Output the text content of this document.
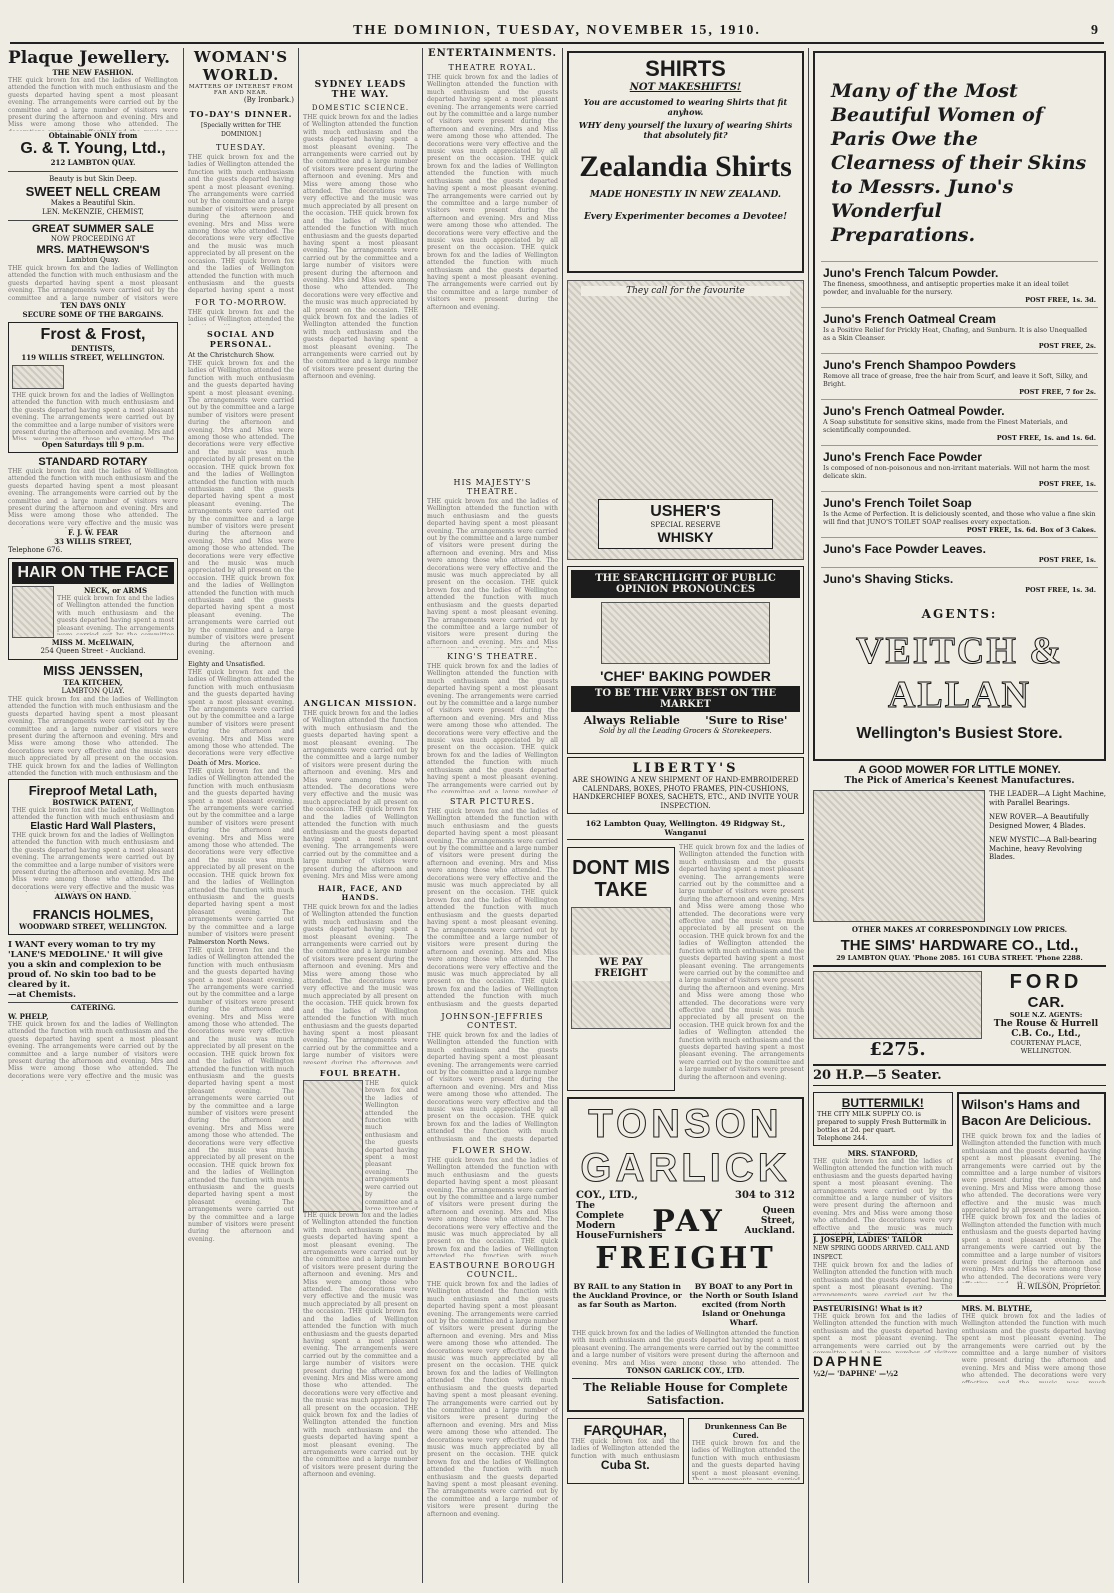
THE DOMINION, TUESDAY, NOVEMBER 15, 1910.	9
Plaque Jewellery.
THE NEW FASHION.
THE quick brown fox and the ladies of Wellington attended the function with much enthusiasm and the guests departed having spent a most pleasant evening. The arrangements were carried out by the committee and a large number of visitors were present during the afternoon and evening. Mrs and Miss were among those who attended. The decorations were very effective and the music was much appreciated by all present on the occasion. THE quick brown fox and the ladies of Wellington attended the function with much enthusiasm and the guests departed having spent a most pleasant evening. The arrangements were carried out by the committee and a large number of visitors were present during the afternoon and evening. Mrs and Miss were among those who attended. The decorations were very effective and the music was much appreciated by all present on the occasion. THE quick brown fox and the ladies of Wellington attended the function with much enthusiasm and the guests departed having spent a most pleasant evening. The arrangements were carried out by the committee and a large number of visitors were present during the afternoon and evening.
Obtainable ONLY from
G. & T. Young, Ltd.,
212 LAMBTON QUAY.
Beauty is but Skin Deep.
SWEET NELL CREAM
Makes a Beautiful Skin.
LEN. McKENZIE, CHEMIST,
GREAT SUMMER SALE
NOW PROCEEDING AT
MRS. MATHEWSON'S
Lambton Quay.
THE quick brown fox and the ladies of Wellington attended the function with much enthusiasm and the guests departed having spent a most pleasant evening. The arrangements were carried out by the committee and a large number of visitors were present during the afternoon and evening. Mrs and Miss were among those who attended. The decorations were very effective and the music was much appreciated by all present on the occasion. THE quick brown fox and the ladies of Wellington attended the function with much enthusiasm and the guests departed having spent a most pleasant evening. The arrangements were carried out by the committee and a large number of visitors were present during the afternoon and evening. Mrs and Miss were among those who attended. The decorations were very effective and the music was much appreciated by all present on the occasion. THE quick brown fox and the ladies of Wellington attended the function with much enthusiasm and the guests departed having spent a most pleasant evening. The arrangements were carried out by the committee and a large number of visitors were present during the afternoon and evening.
TEN DAYS ONLY
SECURE SOME OF THE BARGAINS.
Frost & Frost,
DENTISTS,
119 WILLIS STREET, WELLINGTON.
THE quick brown fox and the ladies of Wellington attended the function with much enthusiasm and the guests departed having spent a most pleasant evening. The arrangements were carried out by the committee and a large number of visitors were present during the afternoon and evening. Mrs and Miss were among those who attended. The decorations were very effective and the music was much appreciated by all present on the occasion. THE quick brown fox and the ladies of Wellington attended the function with much enthusiasm and the guests departed having spent a most pleasant evening. The arrangements were carried out by the committee and a large number of visitors were present during the afternoon and evening. Mrs and Miss were among those who attended. The decorations were very effective and the music was much appreciated by all present on the occasion. THE quick brown fox and the ladies of Wellington attended the function with much enthusiasm and the guests departed having spent a most pleasant evening. The arrangements were carried out by the committee and a large number of visitors were present during the afternoon and evening.
Open Saturdays till 9 p.m.
STANDARD ROTARY
THE quick brown fox and the ladies of Wellington attended the function with much enthusiasm and the guests departed having spent a most pleasant evening. The arrangements were carried out by the committee and a large number of visitors were present during the afternoon and evening. Mrs and Miss were among those who attended. The decorations were very effective and the music was much appreciated by all present on the occasion. THE quick brown fox and the ladies of Wellington attended the function with much enthusiasm and the guests departed having spent a most pleasant evening. The arrangements were carried out by the committee and a large number of visitors were present during the afternoon and evening. Mrs and Miss were among those who attended. The decorations were very effective and the music was much appreciated by all present on the occasion. THE quick brown fox and the ladies of Wellington attended the function with much enthusiasm and the guests departed having spent a most pleasant evening. The arrangements were carried out by the committee and a large number of visitors were present during the afternoon and evening.
F. J. W. FEAR
33 WILLIS STREET,
Telephone 676.
HAIR ON THE FACE
NECK, or ARMS
THE quick brown fox and the ladies of Wellington attended the function with much enthusiasm and the guests departed having spent a most pleasant evening. The arrangements were carried out by the committee and a large number of visitors were present during the afternoon and evening. Mrs and Miss were among those who attended. The decorations were very effective and the music was much appreciated by all present on the occasion. THE quick brown fox and the ladies of Wellington attended the function with much enthusiasm and the guests departed having spent a most pleasant evening. The arrangements were carried out by the committee and a large number of visitors were present during the afternoon and evening. Mrs and Miss were among those who attended. The decorations were very effective and the music was much appreciated by all present on the occasion. THE quick brown fox and the ladies of Wellington attended the function with much enthusiasm and the guests departed having spent a most pleasant evening. The arrangements were carried out by the committee and a large number of visitors were present during the afternoon and evening.
MISS M. McELWAIN,
254 Queen Street - Auckland.
MISS JENSSEN,
TEA KITCHEN,
LAMBTON QUAY.
THE quick brown fox and the ladies of Wellington attended the function with much enthusiasm and the guests departed having spent a most pleasant evening. The arrangements were carried out by the committee and a large number of visitors were present during the afternoon and evening. Mrs and Miss were among those who attended. The decorations were very effective and the music was much appreciated by all present on the occasion. THE quick brown fox and the ladies of Wellington attended the function with much enthusiasm and the guests departed having spent a most pleasant evening. The arrangements were carried out by the committee and a large number of visitors were present during the afternoon and evening. Mrs and Miss were among those who attended. The decorations were very effective and the music was much appreciated by all present on the occasion. THE quick brown fox and the ladies of Wellington attended the function with much enthusiasm and the guests departed having spent a most pleasant evening. The arrangements were carried out by the committee and a large number of visitors were present during the afternoon and evening.
Fireproof Metal Lath,
BOSTWICK PATENT,
THE quick brown fox and the ladies of Wellington attended the function with much enthusiasm and the guests departed having spent a most pleasant evening. The arrangements were carried out by the committee and a large number of visitors were present during the afternoon and evening. Mrs and Miss were among those who attended. The decorations were very effective and the music was much appreciated by all present on the occasion. THE quick brown fox and the ladies of Wellington attended the function with much enthusiasm and the guests departed having spent a most pleasant evening. The arrangements were carried out by the committee and a large number of visitors were present during the afternoon and evening. Mrs and Miss were among those who attended. The decorations were very effective and the music was much appreciated by all present on the occasion. THE quick brown fox and the ladies of Wellington attended the function with much enthusiasm and the guests departed having spent a most pleasant evening. The arrangements were carried out by the committee and a large number of visitors were present during the afternoon and evening.
Elastic Hard Wall Plasters,
THE quick brown fox and the ladies of Wellington attended the function with much enthusiasm and the guests departed having spent a most pleasant evening. The arrangements were carried out by the committee and a large number of visitors were present during the afternoon and evening. Mrs and Miss were among those who attended. The decorations were very effective and the music was much appreciated by all present on the occasion. THE quick brown fox and the ladies of Wellington attended the function with much enthusiasm and the guests departed having spent a most pleasant evening. The arrangements were carried out by the committee and a large number of visitors were present during the afternoon and evening. Mrs and Miss were among those who attended. The decorations were very effective and the music was much appreciated by all present on the occasion. THE quick brown fox and the ladies of Wellington attended the function with much enthusiasm and the guests departed having spent a most pleasant evening. The arrangements were carried out by the committee and a large number of visitors were present during the afternoon and evening.
ALWAYS ON HAND.
FRANCIS HOLMES,
WOODWARD STREET, WELLINGTON.
I WANT every woman to try my 'LANE'S MEDOLINE.' It will give you a skin and complexion to be proud of. No skin too bad to be cleared by it.
—at Chemists.
CATERING.
W. PHELP,
THE quick brown fox and the ladies of Wellington attended the function with much enthusiasm and the guests departed having spent a most pleasant evening. The arrangements were carried out by the committee and a large number of visitors were present during the afternoon and evening. Mrs and Miss were among those who attended. The decorations were very effective and the music was much appreciated by all present on the occasion. THE quick brown fox and the ladies of Wellington attended the function with much enthusiasm and the guests departed having spent a most pleasant evening. The arrangements were carried out by the committee and a large number of visitors were present during the afternoon and evening. Mrs and Miss were among those who attended. The decorations were very effective and the music was much appreciated by all present on the occasion. THE quick brown fox and the ladies of Wellington attended the function with much enthusiasm and the guests departed having spent a most pleasant evening. The arrangements were carried out by the committee and a large number of visitors were present during the afternoon and evening.
WOMAN'S WORLD.
MATTERS OF INTEREST FROM FAR AND NEAR.
(By Ironbark.)
TO-DAY'S DINNER.
[Specially written for THE DOMINION.]
TUESDAY.
THE quick brown fox and the ladies of Wellington attended the function with much enthusiasm and the guests departed having spent a most pleasant evening. The arrangements were carried out by the committee and a large number of visitors were present during the afternoon and evening. Mrs and Miss were among those who attended. The decorations were very effective and the music was much appreciated by all present on the occasion. THE quick brown fox and the ladies of Wellington attended the function with much enthusiasm and the guests departed having spent a most pleasant evening. The arrangements were carried out by the committee and a large number of visitors were present during the afternoon and evening. Mrs and Miss were among those who attended. The decorations were very effective and the music was much appreciated by all present on the occasion. THE quick brown fox and the ladies of Wellington attended the function with much enthusiasm and the guests departed having spent a most pleasant evening. The arrangements were carried out by the committee and a large number of visitors were present during the afternoon and evening.
FOR TO-MORROW.
THE quick brown fox and the ladies of Wellington attended the function with much enthusiasm and the guests departed having spent a most pleasant evening. The arrangements were carried out by the committee and a large number of visitors were present during the afternoon and evening. Mrs and Miss were among those who attended. The decorations were very effective and the music was much appreciated by all present on the occasion. THE quick brown fox and the ladies of Wellington attended the function with much enthusiasm and the guests departed having spent a most pleasant evening. The arrangements were carried out by the committee and a large number of visitors were present during the afternoon and evening. Mrs and Miss were among those who attended. The decorations were very effective and the music was much appreciated by all present on the occasion. THE quick brown fox and the ladies of Wellington attended the function with much enthusiasm and the guests departed having spent a most pleasant evening. The arrangements were carried out by the committee and a large number of visitors were present during the afternoon and evening.
SOCIAL AND PERSONAL.
At the Christchurch Show.
THE quick brown fox and the ladies of Wellington attended the function with much enthusiasm and the guests departed having spent a most pleasant evening. The arrangements were carried out by the committee and a large number of visitors were present during the afternoon and evening. Mrs and Miss were among those who attended. The decorations were very effective and the music was much appreciated by all present on the occasion. THE quick brown fox and the ladies of Wellington attended the function with much enthusiasm and the guests departed having spent a most pleasant evening. The arrangements were carried out by the committee and a large number of visitors were present during the afternoon and evening. Mrs and Miss were among those who attended. The decorations were very effective and the music was much appreciated by all present on the occasion. THE quick brown fox and the ladies of Wellington attended the function with much enthusiasm and the guests departed having spent a most pleasant evening. The arrangements were carried out by the committee and a large number of visitors were present during the afternoon and evening.
Eighty and Unsatisfied.
THE quick brown fox and the ladies of Wellington attended the function with much enthusiasm and the guests departed having spent a most pleasant evening. The arrangements were carried out by the committee and a large number of visitors were present during the afternoon and evening. Mrs and Miss were among those who attended. The decorations were very effective and the music was much appreciated by all present on the occasion. THE quick brown fox and the ladies of Wellington attended the function with much enthusiasm and the guests departed having spent a most pleasant evening. The arrangements were carried out by the committee and a large number of visitors were present during the afternoon and evening. Mrs and Miss were among those who attended. The decorations were very effective and the music was much appreciated by all present on the occasion. THE quick brown fox and the ladies of Wellington attended the function with much enthusiasm and the guests departed having spent a most pleasant evening. The arrangements were carried out by the committee and a large number of visitors were present during the afternoon and evening.
Death of Mrs. Morice.
THE quick brown fox and the ladies of Wellington attended the function with much enthusiasm and the guests departed having spent a most pleasant evening. The arrangements were carried out by the committee and a large number of visitors were present during the afternoon and evening. Mrs and Miss were among those who attended. The decorations were very effective and the music was much appreciated by all present on the occasion. THE quick brown fox and the ladies of Wellington attended the function with much enthusiasm and the guests departed having spent a most pleasant evening. The arrangements were carried out by the committee and a large number of visitors were present during the afternoon and evening. Mrs and Miss were among those who attended. The decorations were very effective and the music was much appreciated by all present on the occasion. THE quick brown fox and the ladies of Wellington attended the function with much enthusiasm and the guests departed having spent a most pleasant evening. The arrangements were carried out by the committee and a large number of visitors were present during the afternoon and evening.
Palmerston North News.
THE quick brown fox and the ladies of Wellington attended the function with much enthusiasm and the guests departed having spent a most pleasant evening. The arrangements were carried out by the committee and a large number of visitors were present during the afternoon and evening. Mrs and Miss were among those who attended. The decorations were very effective and the music was much appreciated by all present on the occasion. THE quick brown fox and the ladies of Wellington attended the function with much enthusiasm and the guests departed having spent a most pleasant evening. The arrangements were carried out by the committee and a large number of visitors were present during the afternoon and evening. Mrs and Miss were among those who attended. The decorations were very effective and the music was much appreciated by all present on the occasion. THE quick brown fox and the ladies of Wellington attended the function with much enthusiasm and the guests departed having spent a most pleasant evening. The arrangements were carried out by the committee and a large number of visitors were present during the afternoon and evening.
SYDNEY LEADS THE WAY.
DOMESTIC SCIENCE.
THE quick brown fox and the ladies of Wellington attended the function with much enthusiasm and the guests departed having spent a most pleasant evening. The arrangements were carried out by the committee and a large number of visitors were present during the afternoon and evening. Mrs and Miss were among those who attended. The decorations were very effective and the music was much appreciated by all present on the occasion. THE quick brown fox and the ladies of Wellington attended the function with much enthusiasm and the guests departed having spent a most pleasant evening. The arrangements were carried out by the committee and a large number of visitors were present during the afternoon and evening. Mrs and Miss were among those who attended. The decorations were very effective and the music was much appreciated by all present on the occasion. THE quick brown fox and the ladies of Wellington attended the function with much enthusiasm and the guests departed having spent a most pleasant evening. The arrangements were carried out by the committee and a large number of visitors were present during the afternoon and evening.
ANGLICAN MISSION.
THE quick brown fox and the ladies of Wellington attended the function with much enthusiasm and the guests departed having spent a most pleasant evening. The arrangements were carried out by the committee and a large number of visitors were present during the afternoon and evening. Mrs and Miss were among those who attended. The decorations were very effective and the music was much appreciated by all present on the occasion. THE quick brown fox and the ladies of Wellington attended the function with much enthusiasm and the guests departed having spent a most pleasant evening. The arrangements were carried out by the committee and a large number of visitors were present during the afternoon and evening. Mrs and Miss were among those who attended. The decorations were very effective and the music was much appreciated by all present on the occasion. THE quick brown fox and the ladies of Wellington attended the function with much enthusiasm and the guests departed having spent a most pleasant evening. The arrangements were carried out by the committee and a large number of visitors were present during the afternoon and evening.
HAIR, FACE, AND HANDS.
THE quick brown fox and the ladies of Wellington attended the function with much enthusiasm and the guests departed having spent a most pleasant evening. The arrangements were carried out by the committee and a large number of visitors were present during the afternoon and evening. Mrs and Miss were among those who attended. The decorations were very effective and the music was much appreciated by all present on the occasion. THE quick brown fox and the ladies of Wellington attended the function with much enthusiasm and the guests departed having spent a most pleasant evening. The arrangements were carried out by the committee and a large number of visitors were present during the afternoon and evening. Mrs and Miss were among those who attended. The decorations were very effective and the music was much appreciated by all present on the occasion. THE quick brown fox and the ladies of Wellington attended the function with much enthusiasm and the guests departed having spent a most pleasant evening. The arrangements were carried out by the committee and a large number of visitors were present during the afternoon and evening.
FOUL BREATH.
THE quick brown fox and the ladies of Wellington attended the function with much enthusiasm and the guests departed having spent a most pleasant evening. The arrangements were carried out by the committee and a large number of visitors were present during the afternoon and evening. Mrs and Miss were among those who attended. The decorations were very effective and the music was much appreciated by all present on the occasion. THE quick brown fox and the ladies of Wellington attended the function with much enthusiasm and the guests departed having spent a most pleasant evening. The arrangements were carried out by the committee and a large number of visitors were present during the afternoon and evening. Mrs and Miss were among those who attended. The decorations were very effective and the music was much appreciated by all present on the occasion. THE quick brown fox and the ladies of Wellington attended the function with much enthusiasm and the guests departed having spent a most pleasant evening. The arrangements were carried out by the committee and a large number of visitors were present during the afternoon and evening.
THE quick brown fox and the ladies of Wellington attended the function with much enthusiasm and the guests departed having spent a most pleasant evening. The arrangements were carried out by the committee and a large number of visitors were present during the afternoon and evening. Mrs and Miss were among those who attended. The decorations were very effective and the music was much appreciated by all present on the occasion. THE quick brown fox and the ladies of Wellington attended the function with much enthusiasm and the guests departed having spent a most pleasant evening. The arrangements were carried out by the committee and a large number of visitors were present during the afternoon and evening. Mrs and Miss were among those who attended. The decorations were very effective and the music was much appreciated by all present on the occasion. THE quick brown fox and the ladies of Wellington attended the function with much enthusiasm and the guests departed having spent a most pleasant evening. The arrangements were carried out by the committee and a large number of visitors were present during the afternoon and evening.
ENTERTAINMENTS.
THEATRE ROYAL.
THE quick brown fox and the ladies of Wellington attended the function with much enthusiasm and the guests departed having spent a most pleasant evening. The arrangements were carried out by the committee and a large number of visitors were present during the afternoon and evening. Mrs and Miss were among those who attended. The decorations were very effective and the music was much appreciated by all present on the occasion. THE quick brown fox and the ladies of Wellington attended the function with much enthusiasm and the guests departed having spent a most pleasant evening. The arrangements were carried out by the committee and a large number of visitors were present during the afternoon and evening. Mrs and Miss were among those who attended. The decorations were very effective and the music was much appreciated by all present on the occasion. THE quick brown fox and the ladies of Wellington attended the function with much enthusiasm and the guests departed having spent a most pleasant evening. The arrangements were carried out by the committee and a large number of visitors were present during the afternoon and evening.
HIS MAJESTY'S THEATRE.
THE quick brown fox and the ladies of Wellington attended the function with much enthusiasm and the guests departed having spent a most pleasant evening. The arrangements were carried out by the committee and a large number of visitors were present during the afternoon and evening. Mrs and Miss were among those who attended. The decorations were very effective and the music was much appreciated by all present on the occasion. THE quick brown fox and the ladies of Wellington attended the function with much enthusiasm and the guests departed having spent a most pleasant evening. The arrangements were carried out by the committee and a large number of visitors were present during the afternoon and evening. Mrs and Miss were among those who attended. The decorations were very effective and the music was much appreciated by all present on the occasion. THE quick brown fox and the ladies of Wellington attended the function with much enthusiasm and the guests departed having spent a most pleasant evening. The arrangements were carried out by the committee and a large number of visitors were present during the afternoon and evening.
KING'S THEATRE.
THE quick brown fox and the ladies of Wellington attended the function with much enthusiasm and the guests departed having spent a most pleasant evening. The arrangements were carried out by the committee and a large number of visitors were present during the afternoon and evening. Mrs and Miss were among those who attended. The decorations were very effective and the music was much appreciated by all present on the occasion. THE quick brown fox and the ladies of Wellington attended the function with much enthusiasm and the guests departed having spent a most pleasant evening. The arrangements were carried out by the committee and a large number of visitors were present during the afternoon and evening. Mrs and Miss were among those who attended. The decorations were very effective and the music was much appreciated by all present on the occasion. THE quick brown fox and the ladies of Wellington attended the function with much enthusiasm and the guests departed having spent a most pleasant evening. The arrangements were carried out by the committee and a large number of visitors were present during the afternoon and evening.
STAR PICTURES.
THE quick brown fox and the ladies of Wellington attended the function with much enthusiasm and the guests departed having spent a most pleasant evening. The arrangements were carried out by the committee and a large number of visitors were present during the afternoon and evening. Mrs and Miss were among those who attended. The decorations were very effective and the music was much appreciated by all present on the occasion. THE quick brown fox and the ladies of Wellington attended the function with much enthusiasm and the guests departed having spent a most pleasant evening. The arrangements were carried out by the committee and a large number of visitors were present during the afternoon and evening. Mrs and Miss were among those who attended. The decorations were very effective and the music was much appreciated by all present on the occasion. THE quick brown fox and the ladies of Wellington attended the function with much enthusiasm and the guests departed having spent a most pleasant evening. The arrangements were carried out by the committee and a large number of visitors were present during the afternoon and evening.
JOHNSON-JEFFRIES CONTEST.
THE quick brown fox and the ladies of Wellington attended the function with much enthusiasm and the guests departed having spent a most pleasant evening. The arrangements were carried out by the committee and a large number of visitors were present during the afternoon and evening. Mrs and Miss were among those who attended. The decorations were very effective and the music was much appreciated by all present on the occasion. THE quick brown fox and the ladies of Wellington attended the function with much enthusiasm and the guests departed having spent a most pleasant evening. The arrangements were carried out by the committee and a large number of visitors were present during the afternoon and evening. Mrs and Miss were among those who attended. The decorations were very effective and the music was much appreciated by all present on the occasion. THE quick brown fox and the ladies of Wellington attended the function with much enthusiasm and the guests departed having spent a most pleasant evening. The arrangements were carried out by the committee and a large number of visitors were present during the afternoon and evening.
FLOWER SHOW.
THE quick brown fox and the ladies of Wellington attended the function with much enthusiasm and the guests departed having spent a most pleasant evening. The arrangements were carried out by the committee and a large number of visitors were present during the afternoon and evening. Mrs and Miss were among those who attended. The decorations were very effective and the music was much appreciated by all present on the occasion. THE quick brown fox and the ladies of Wellington attended the function with much enthusiasm and the guests departed having spent a most pleasant evening. The arrangements were carried out by the committee and a large number of visitors were present during the afternoon and evening. Mrs and Miss were among those who attended. The decorations were very effective and the music was much appreciated by all present on the occasion. THE quick brown fox and the ladies of Wellington attended the function with much enthusiasm and the guests departed having spent a most pleasant evening. The arrangements were carried out by the committee and a large number of visitors were present during the afternoon and evening.
EASTBOURNE BOROUGH COUNCIL.
THE quick brown fox and the ladies of Wellington attended the function with much enthusiasm and the guests departed having spent a most pleasant evening. The arrangements were carried out by the committee and a large number of visitors were present during the afternoon and evening. Mrs and Miss were among those who attended. The decorations were very effective and the music was much appreciated by all present on the occasion. THE quick brown fox and the ladies of Wellington attended the function with much enthusiasm and the guests departed having spent a most pleasant evening. The arrangements were carried out by the committee and a large number of visitors were present during the afternoon and evening. Mrs and Miss were among those who attended. The decorations were very effective and the music was much appreciated by all present on the occasion. THE quick brown fox and the ladies of Wellington attended the function with much enthusiasm and the guests departed having spent a most pleasant evening. The arrangements were carried out by the committee and a large number of visitors were present during the afternoon and evening.
SHIRTS
NOT MAKESHIFTS!
You are accustomed to wearing Shirts that fit anyhow.
WHY deny yourself the luxury of wearing Shirts that absolutely fit?
Zealandia Shirts
MADE HONESTLY IN NEW ZEALAND.
Every Experimenter becomes a Devotee!
They call for the favourite
USHER'S
SPECIAL RESERVE
WHISKY
THE SEARCHLIGHT OF PUBLIC OPINION PRONOUNCES
'CHEF' BAKING POWDER
TO BE THE VERY BEST ON THE MARKET
Always Reliable 'Sure to Rise'
Sold by all the Leading Grocers & Storekeepers.
LIBERTY'S
ARE SHOWING A NEW SHIPMENT OF HAND-EMBROIDERED CALENDARS, BOXES, PHOTO FRAMES, PIN-CUSHIONS, HANDKERCHIEF BOXES, SACHETS, ETC., AND INVITE YOUR INSPECTION.
162 Lambton Quay, Wellington. 49 Ridgway St., Wanganui
DONT MIS TAKE
WE PAY FREIGHT
THE quick brown fox and the ladies of Wellington attended the function with much enthusiasm and the guests departed having spent a most pleasant evening. The arrangements were carried out by the committee and a large number of visitors were present during the afternoon and evening. Mrs and Miss were among those who attended. The decorations were very effective and the music was much appreciated by all present on the occasion. THE quick brown fox and the ladies of Wellington attended the function with much enthusiasm and the guests departed having spent a most pleasant evening. The arrangements were carried out by the committee and a large number of visitors were present during the afternoon and evening. Mrs and Miss were among those who attended. The decorations were very effective and the music was much appreciated by all present on the occasion. THE quick brown fox and the ladies of Wellington attended the function with much enthusiasm and the guests departed having spent a most pleasant evening. The arrangements were carried out by the committee and a large number of visitors were present during the afternoon and evening.
TONSON
GARLICK
COY., LTD.,	304 to 312
The Complete Modern HouseFurnishers
PAY	Queen Street, Auckland.
FREIGHT
BY RAIL to any Station in the Auckland Province, or as far South as Marton.
BY BOAT to any Port in the North or South Island excited (from North Island or Onehunga Wharf.
THE quick brown fox and the ladies of Wellington attended the function with much enthusiasm and the guests departed having spent a most pleasant evening. The arrangements were carried out by the committee and a large number of visitors were present during the afternoon and evening. Mrs and Miss were among those who attended. The decorations were very effective and the music was much appreciated by all present on the occasion. THE quick brown fox and the ladies of Wellington attended the function with much enthusiasm and the guests departed having spent a most pleasant evening. The arrangements were carried out by the committee and a large number of visitors were present during the afternoon and evening. Mrs and Miss were among those who attended. The decorations were very effective and the music was much appreciated by all present on the occasion. THE quick brown fox and the ladies of Wellington attended the function with much enthusiasm and the guests departed having spent a most pleasant evening. The arrangements were carried out by the committee and a large number of visitors were present during the afternoon and evening.
TONSON GARLICK COY., LTD.
The Reliable House for Complete Satisfaction.
FARQUHAR,
THE quick brown fox and the ladies of Wellington attended the function with much enthusiasm and the guests departed having spent a most pleasant evening. The arrangements were carried out by the committee and a large number of visitors were present during the afternoon and evening. Mrs and Miss were among those who attended. The decorations were very effective and the music was much appreciated by all present on the occasion. THE quick brown fox and the ladies of Wellington attended the function with much enthusiasm and the guests departed having spent a most pleasant evening. The arrangements were carried out by the committee and a large number of visitors were present during the afternoon and evening. Mrs and Miss were among those who attended. The decorations were very effective and the music was much appreciated by all present on the occasion. THE quick brown fox and the ladies of Wellington attended the function with much enthusiasm and the guests departed having spent a most pleasant evening. The arrangements were carried out by the committee and a large number of visitors were present during the afternoon and evening.
Cuba St.
Drunkenness Can Be Cured.
THE quick brown fox and the ladies of Wellington attended the function with much enthusiasm and the guests departed having spent a most pleasant evening. The arrangements were carried out by the committee and a large number of visitors were present during the afternoon and evening. Mrs and Miss were among those who attended. The decorations were very effective and the music was much appreciated by all present on the occasion. THE quick brown fox and the ladies of Wellington attended the function with much enthusiasm and the guests departed having spent a most pleasant evening. The arrangements were carried out by the committee and a large number of visitors were present during the afternoon and evening. Mrs and Miss were among those who attended. The decorations were very effective and the music was much appreciated by all present on the occasion. THE quick brown fox and the ladies of Wellington attended the function with much enthusiasm and the guests departed having spent a most pleasant evening. The arrangements were carried out by the committee and a large number of visitors were present during the afternoon and evening.
Many of the Most Beautiful Women of Paris Owe the Clearness of their Skins to Messrs. Juno's Wonderful Preparations.
Juno's French Talcum Powder.
The fineness, smoothness, and antiseptic properties make it an ideal toilet powder, and invaluable for the nursery.
POST FREE, 1s. 3d.
Juno's French Oatmeal Cream
Is a Positive Relief for Prickly Heat, Chafing, and Sunburn. It is also Unequalled as a Skin Cleanser.
POST FREE, 2s.
Juno's French Shampoo Powders
Remove all trace of grease, free the hair from Scurf, and leave it Soft, Silky, and Bright.
POST FREE, 7 for 2s.
Juno's French Oatmeal Powder.
A Soap substitute for sensitive skins, made from the Finest Materials, and scientifically compounded.
POST FREE, 1s. and 1s. 6d.
Juno's French Face Powder
Is composed of non-poisonous and non-irritant materials. Will not harm the most delicate skin.
POST FREE, 1s.
Juno's French Toilet Soap
Is the Acme of Perfection. It is deliciously scented, and those who value a fine skin will find that JUNO'S TOILET SOAP realises every expectation.
POST FREE, 1s. 6d. Box of 3 Cakes.
Juno's Face Powder Leaves.
POST FREE, 1s.
Juno's Shaving Sticks.
POST FREE, 1s. 3d.
AGENTS:
VEITCH & ALLAN
Wellington's Busiest Store.
A GOOD MOWER FOR LITTLE MONEY.
The Pick of America's Keenest Manufactures.
THE LEADER—A Light Machine, with Parallel Bearings.
NEW ROVER—A Beautifully Designed Mower, 4 Blades.
NEW MYSTIC—A Ball-bearing Machine, heavy Revolving Blades.
OTHER MAKES AT CORRESPONDINGLY LOW PRICES.
THE SIMS' HARDWARE CO., Ltd.,
29 LAMBTON QUAY. 'Phone 2085. 161 CUBA STREET. 'Phone 2288.
£275.
FORD
CAR.
SOLE N.Z. AGENTS:
The Rouse & Hurrell C.B. Co., Ltd.,
COURTENAY PLACE, WELLINGTON.
20 H.P.—5 Seater.
BUTTERMILK!
THE CITY MILK SUPPLY CO. is prepared to supply Fresh Buttermilk in bottles at 2d. per quart.
Telephone 244.
MRS. STANFORD,
THE quick brown fox and the ladies of Wellington attended the function with much enthusiasm and the guests departed having spent a most pleasant evening. The arrangements were carried out by the committee and a large number of visitors were present during the afternoon and evening. Mrs and Miss were among those who attended. The decorations were very effective and the music was much appreciated by all present on the occasion. THE quick brown fox and the ladies of Wellington attended the function with much enthusiasm and the guests departed having spent a most pleasant evening. The arrangements were carried out by the committee and a large number of visitors were present during the afternoon and evening. Mrs and Miss were among those who attended. The decorations were very effective and the music was much appreciated by all present on the occasion. THE quick brown fox and the ladies of Wellington attended the function with much enthusiasm and the guests departed having spent a most pleasant evening. The arrangements were carried out by the committee and a large number of visitors were present during the afternoon and evening.
J. JOSEPH, LADIES' TAILOR
NEW SPRING GOODS ARRIVED. CALL AND INSPECT.
THE quick brown fox and the ladies of Wellington attended the function with much enthusiasm and the guests departed having spent a most pleasant evening. The arrangements were carried out by the committee and a large number of visitors were present during the afternoon and evening. Mrs and Miss were among those who attended. The decorations were very effective and the music was much appreciated by all present on the occasion. THE quick brown fox and the ladies of Wellington attended the function with much enthusiasm and the guests departed having spent a most pleasant evening. The arrangements were carried out by the committee and a large number of visitors were present during the afternoon and evening. Mrs and Miss were among those who attended. The decorations were very effective and the music was much appreciated by all present on the occasion. THE quick brown fox and the ladies of Wellington attended the function with much enthusiasm and the guests departed having spent a most pleasant evening. The arrangements were carried out by the committee and a large number of visitors were present during the afternoon and evening.
Wilson's Hams and Bacon Are Delicious.
THE quick brown fox and the ladies of Wellington attended the function with much enthusiasm and the guests departed having spent a most pleasant evening. The arrangements were carried out by the committee and a large number of visitors were present during the afternoon and evening. Mrs and Miss were among those who attended. The decorations were very effective and the music was much appreciated by all present on the occasion. THE quick brown fox and the ladies of Wellington attended the function with much enthusiasm and the guests departed having spent a most pleasant evening. The arrangements were carried out by the committee and a large number of visitors were present during the afternoon and evening. Mrs and Miss were among those who attended. The decorations were very effective and the music was much appreciated by all present on the occasion. THE quick brown fox and the ladies of Wellington attended the function with much enthusiasm and the guests departed having spent a most pleasant evening. The arrangements were carried out by the committee and a large number of visitors were present during the afternoon and evening.
H. WILSON, Proprietor.
PASTEURISING! What is it?
THE quick brown fox and the ladies of Wellington attended the function with much enthusiasm and the guests departed having spent a most pleasant evening. The arrangements were carried out by the committee and a large number of visitors were present during the afternoon and evening. Mrs and Miss were among those who attended. The decorations were very effective and the music was much appreciated by all present on the occasion. THE quick brown fox and the ladies of Wellington attended the function with much enthusiasm and the guests departed having spent a most pleasant evening. The arrangements were carried out by the committee and a large number of visitors were present during the afternoon and evening. Mrs and Miss were among those who attended. The decorations were very effective and the music was much appreciated by all present on the occasion. THE quick brown fox and the ladies of Wellington attended the function with much enthusiasm and the guests departed having spent a most pleasant evening. The arrangements were carried out by the committee and a large number of visitors were present during the afternoon and evening.
DAPHNE
½2/— 'DAPHNE' —½2
MRS. M. BLYTHE,
THE quick brown fox and the ladies of Wellington attended the function with much enthusiasm and the guests departed having spent a most pleasant evening. The arrangements were carried out by the committee and a large number of visitors were present during the afternoon and evening. Mrs and Miss were among those who attended. The decorations were very effective and the music was much appreciated by all present on the occasion. THE quick brown fox and the ladies of Wellington attended the function with much enthusiasm and the guests departed having spent a most pleasant evening. The arrangements were carried out by the committee and a large number of visitors were present during the afternoon and evening. Mrs and Miss were among those who attended. The decorations were very effective and the music was much appreciated by all present on the occasion. THE quick brown fox and the ladies of Wellington attended the function with much enthusiasm and the guests departed having spent a most pleasant evening. The arrangements were carried out by the committee and a large number of visitors were present during the afternoon and evening.
